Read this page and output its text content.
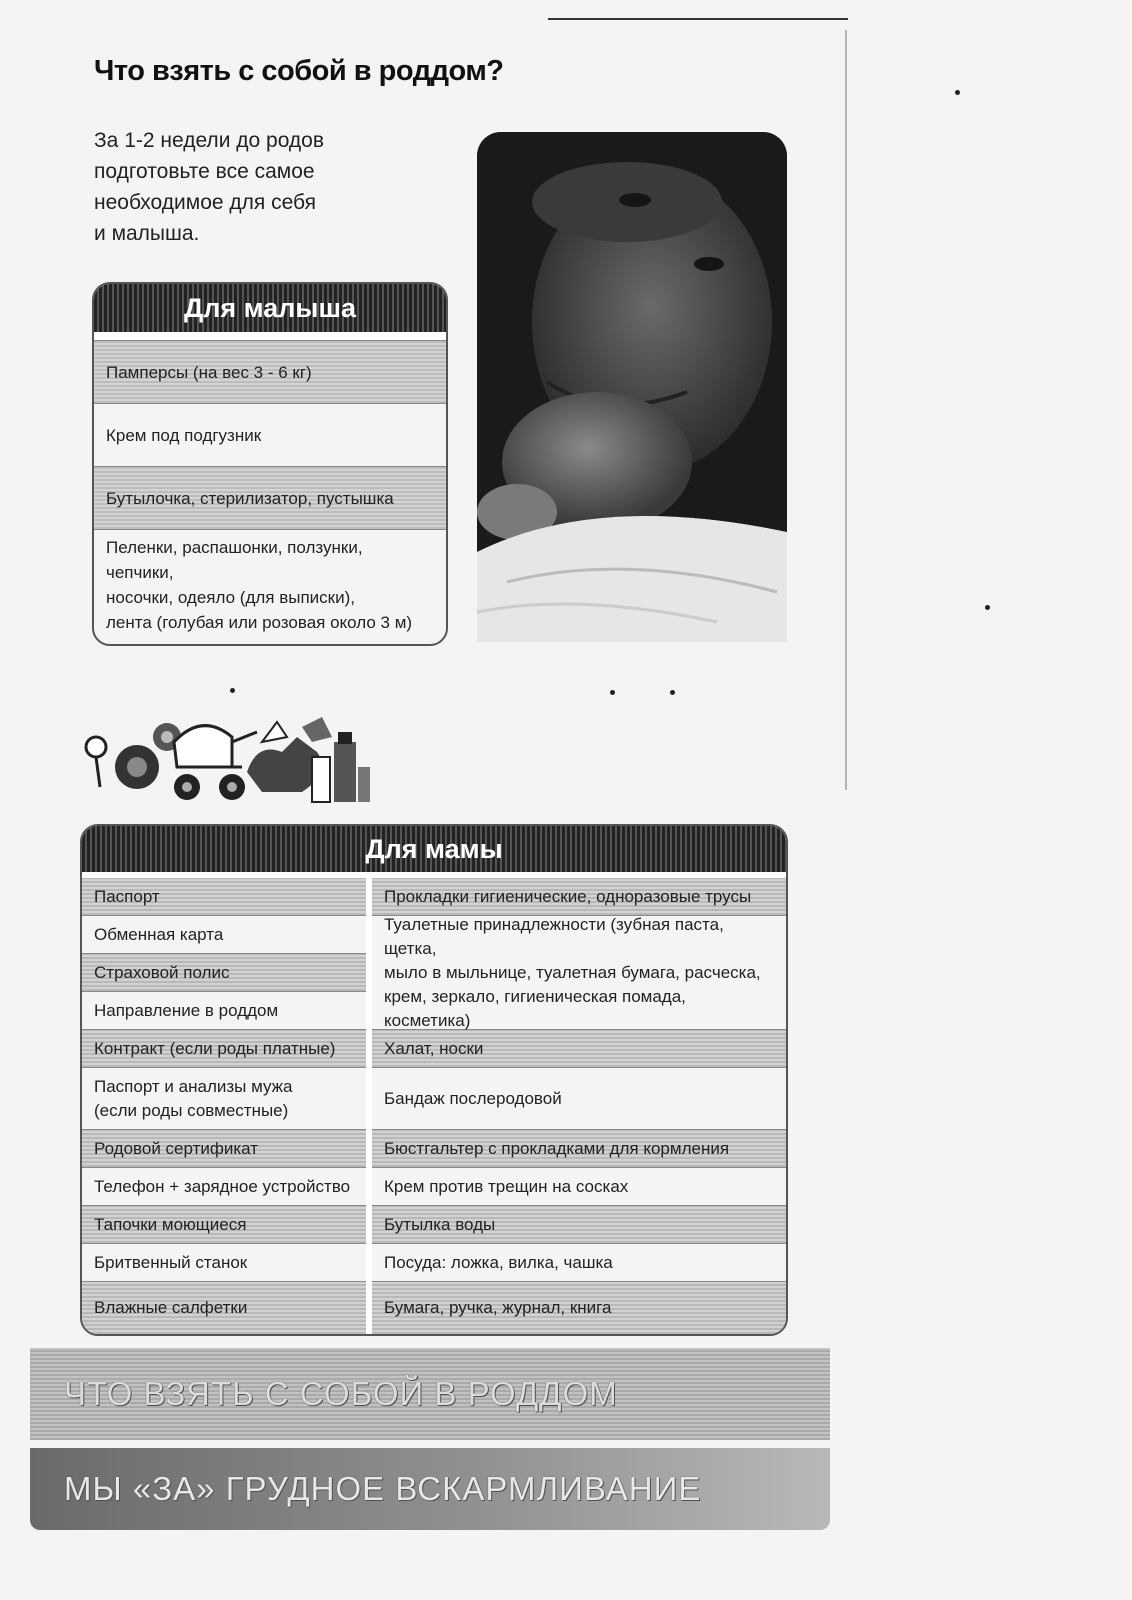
Что взять с собой в роддом?
За 1-2 недели до родов
подготовьте все самое
необходимое для себя
и малыша.
Для малыша
Памперсы (на вес 3 - 6 кг)
Крем под подгузник
Бутылочка, стерилизатор, пустышка
Пеленки, распашонки, ползунки, чепчики,
носочки, одеяло (для выписки),
лента (голубая или розовая около 3 м)
Для мамы
Паспорт
Обменная карта
Страховой полис
Направление в роддом
Контракт (если роды платные)
Паспорт и анализы мужа
(если роды совместные)
Родовой сертификат
Телефон + зарядное устройство
Тапочки моющиеся
Бритвенный станок
Влажные салфетки
Прокладки гигиенические, одноразовые трусы
Туалетные принадлежности (зубная паста, щетка,
мыло в мыльнице, туалетная бумага, расческа,
крем, зеркало, гигиеническая помада, косметика)
Халат, носки
Бандаж послеродовой
Бюстгальтер с прокладками для кормления
Крем против трещин на сосках
Бутылка воды
Посуда: ложка, вилка, чашка
Бумага, ручка, журнал, книга
ЧТО ВЗЯТЬ С СОБОЙ В РОДДОМ
МЫ «ЗА» ГРУДНОЕ ВСКАРМЛИВАНИЕ
